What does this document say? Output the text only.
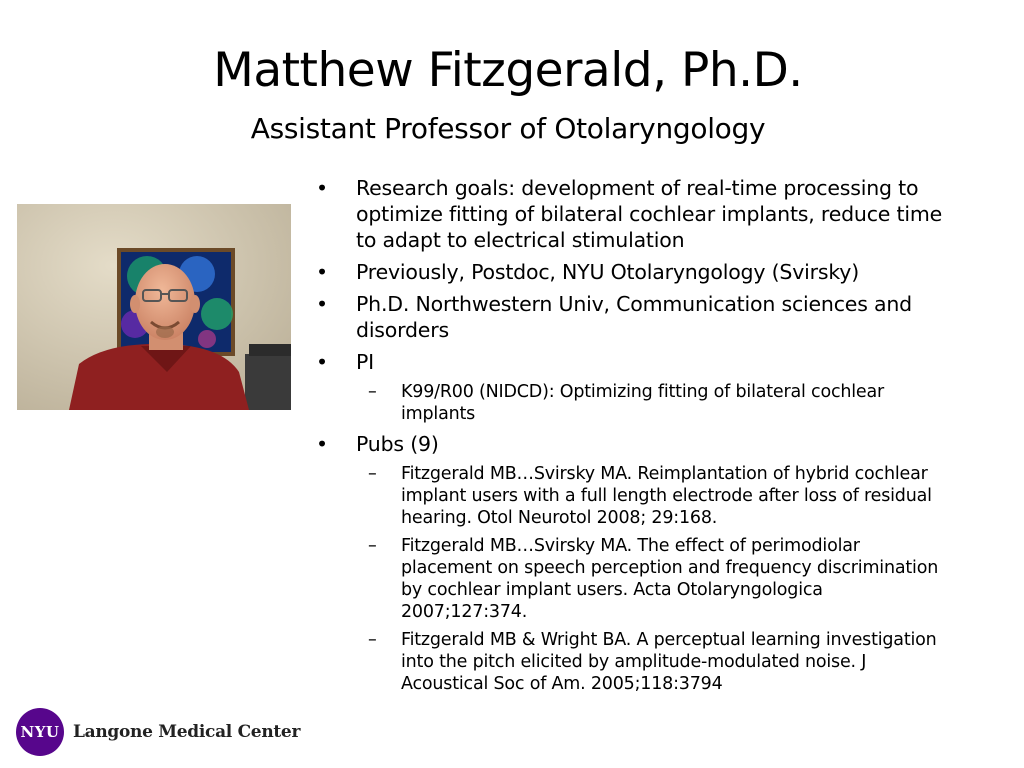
Matthew Fitzgerald, Ph.D.
Assistant Professor of Otolaryngology
• Research goals: development of real-time processing to optimize fitting of bilateral cochlear implants, reduce time to adapt to electrical stimulation
• Previously, Postdoc, NYU Otolaryngology (Svirsky)
• Ph.D. Northwestern Univ, Communication sciences and disorders
• PI
– K99/R00 (NIDCD): Optimizing fitting of bilateral cochlear implants
• Pubs (9)
– Fitzgerald MB…Svirsky MA. Reimplantation of hybrid cochlear implant users with a full length electrode after loss of residual hearing. Otol Neurotol 2008; 29:168.
– Fitzgerald MB…Svirsky MA. The effect of perimodiolar placement on speech perception and frequency discrimination by cochlear implant users. Acta Otolaryngologica 2007;127:374.
– Fitzgerald MB & Wright BA. A perceptual learning investigation into the pitch elicited by amplitude-modulated noise. J Acoustical Soc of Am. 2005;118:3794
NYU Langone Medical Center
